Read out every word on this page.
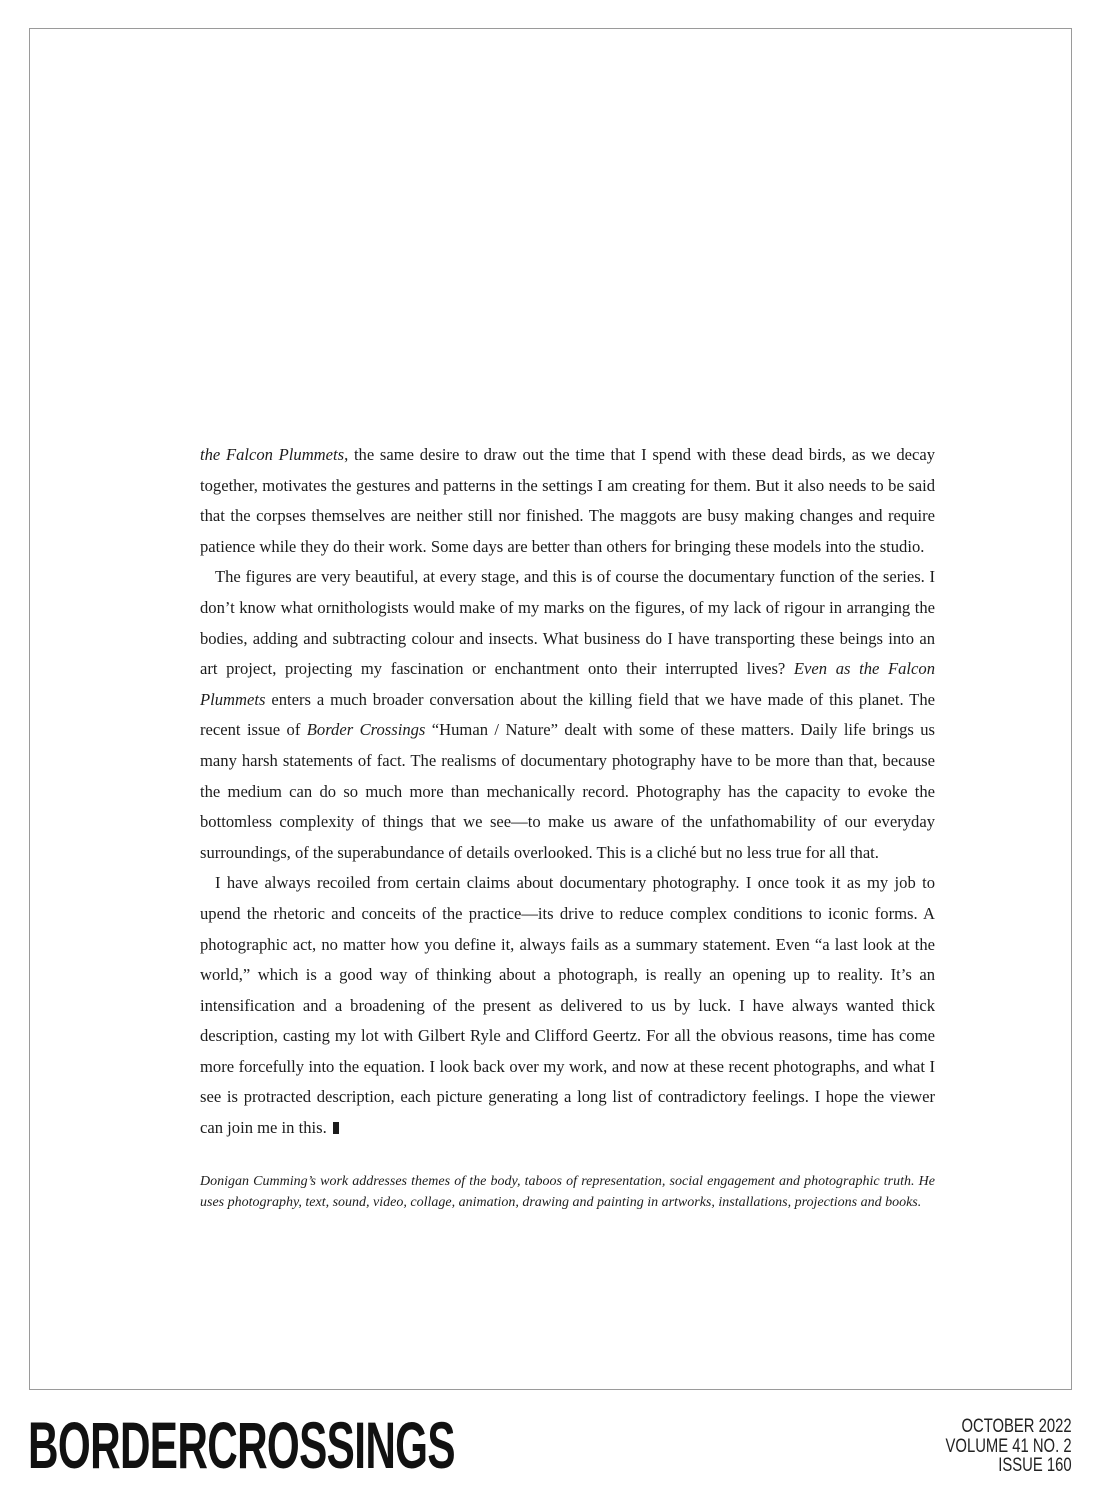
the Falcon Plummets, the same desire to draw out the time that I spend with these dead birds, as we decay together, motivates the gestures and patterns in the settings I am creating for them. But it also needs to be said that the corpses themselves are neither still nor finished. The maggots are busy making changes and require patience while they do their work. Some days are better than others for bringing these models into the studio.

The figures are very beautiful, at every stage, and this is of course the documentary function of the series. I don’t know what ornithologists would make of my marks on the figures, of my lack of rigour in arranging the bodies, adding and subtracting colour and insects. What business do I have transporting these beings into an art project, projecting my fascination or enchantment onto their interrupted lives? Even as the Falcon Plummets enters a much broader conversation about the killing field that we have made of this planet. The recent issue of Border Crossings “Human / Nature” dealt with some of these matters. Daily life brings us many harsh statements of fact. The realisms of documentary photography have to be more than that, because the medium can do so much more than mechanically record. Photography has the capacity to evoke the bottomless complexity of things that we see—to make us aware of the unfathomability of our everyday surroundings, of the superabundance of details overlooked. This is a cliché but no less true for all that.

I have always recoiled from certain claims about documentary photography. I once took it as my job to upend the rhetoric and conceits of the practice—its drive to reduce complex conditions to iconic forms. A photographic act, no matter how you define it, always fails as a summary statement. Even “a last look at the world,” which is a good way of thinking about a photograph, is really an opening up to reality. It’s an intensification and a broadening of the present as delivered to us by luck. I have always wanted thick description, casting my lot with Gilbert Ryle and Clifford Geertz. For all the obvious reasons, time has come more forcefully into the equation. I look back over my work, and now at these recent photographs, and what I see is protracted description, each picture generating a long list of contradictory feelings. I hope the viewer can join me in this.

Donigan Cumming’s work addresses themes of the body, taboos of representation, social engagement and photographic truth. He uses photography, text, sound, video, collage, animation, drawing and painting in artworks, installations, projections and books.

BORDERCROSSINGS	OCTOBER 2022
VOLUME 41 NO. 2
ISSUE 160
